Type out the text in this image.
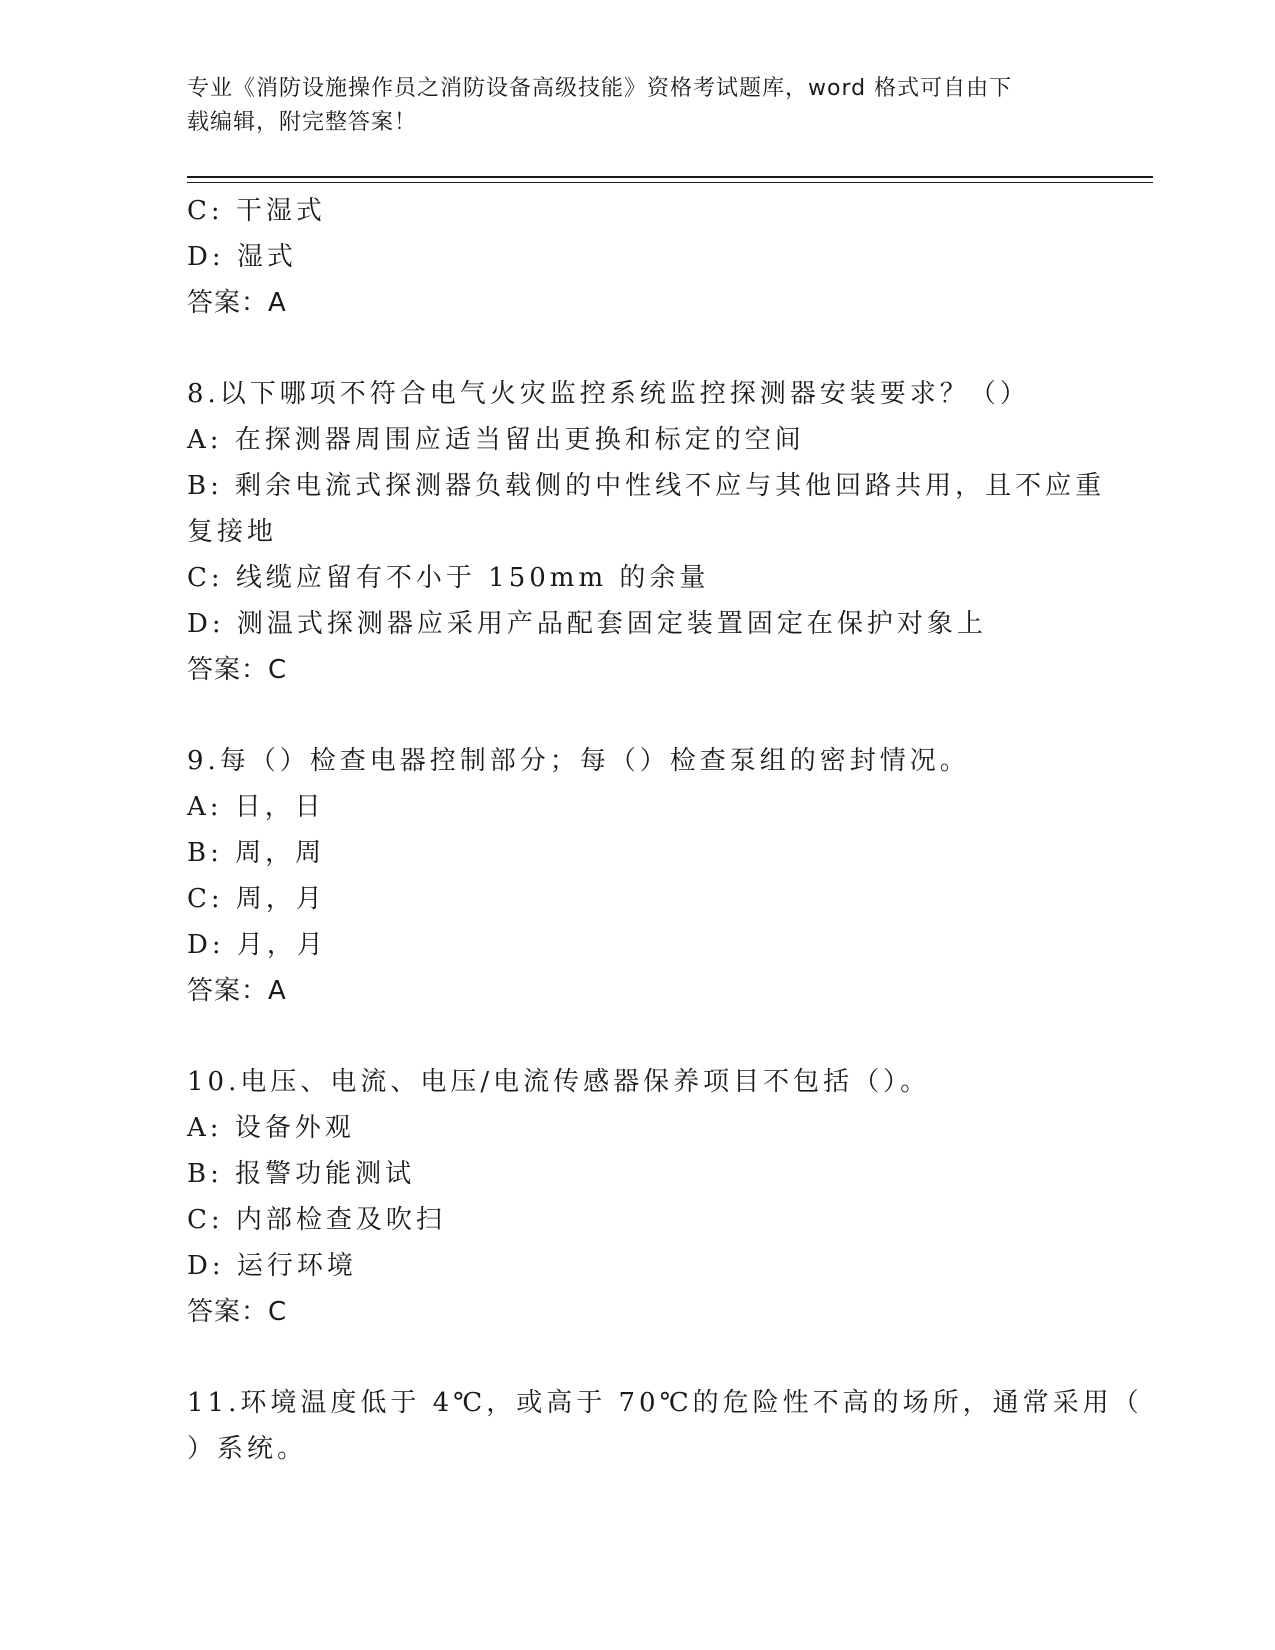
专业《消防设施操作员之消防设备高级技能》资格考试题库，word 格式可自由下
载编辑，附完整答案！
C: 干湿式
D: 湿式
答案：A
8.以下哪项不符合电气火灾监控系统监控探测器安装要求？（）
A: 在探测器周围应适当留出更换和标定的空间
B: 剩余电流式探测器负载侧的中性线不应与其他回路共用，且不应重
复接地
C: 线缆应留有不小于 150mm 的余量
D: 测温式探测器应采用产品配套固定装置固定在保护对象上
答案：C
9.每（）检查电器控制部分；每（）检查泵组的密封情况。
A: 日，日
B: 周，周
C: 周，月
D: 月，月
答案：A
10.电压、电流、电压/电流传感器保养项目不包括（）。
A: 设备外观
B: 报警功能测试
C: 内部检查及吹扫
D: 运行环境
答案：C
11.环境温度低于 4℃，或高于 70℃的危险性不高的场所，通常采用（
）系统。
